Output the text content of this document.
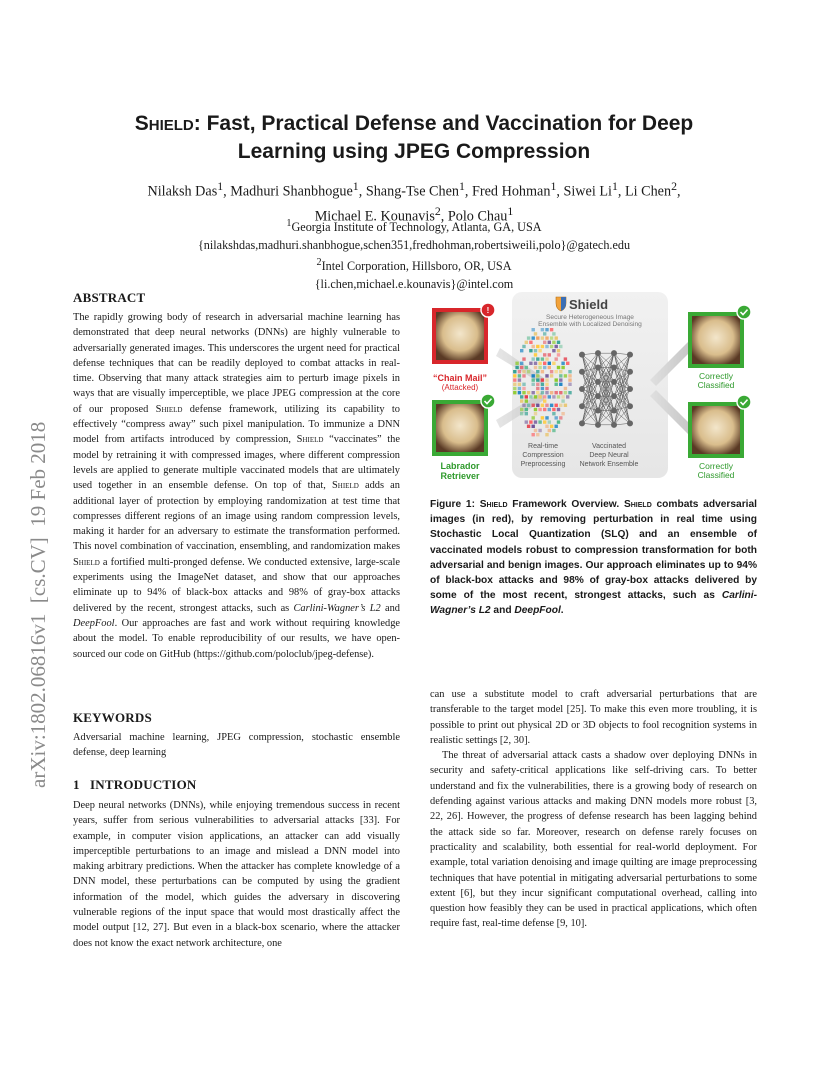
Shield: Fast, Practical Defense and Vaccination for Deep
Learning using JPEG Compression
Nilaksh Das$^1$, Madhuri Shanbhogue$^1$, Shang-Tse Chen$^1$, Fred Hohman$^1$, Siwei Li$^1$, Li Chen$^2$,
Michael E. Kounavis$^2$, Polo Chau$^1$
$^1$Georgia Institute of Technology, Atlanta, GA, USA
{nilakshdas,madhuri.shanbhogue,schen351,fredhohman,robertsiweili,polo}@gatech.edu
$^2$Intel Corporation, Hillsboro, OR, USA
{li.chen,michael.e.kounavis}@intel.com
arXiv:1802.06816v1  [cs.CV]  19 Feb 2018
ABSTRACT

The rapidly growing body of research in adversarial machine learning has demonstrated that deep neural networks (DNNs) are highly vulnerable to adversarially generated images. This underscores the urgent need for practical defense techniques that can be readily deployed to combat attacks in real-time. Observing that many attack strategies aim to perturb image pixels in ways that are visually imperceptible, we place JPEG compression at the core of our proposed Shield defense framework, utilizing its capability to effectively “compress away” such pixel manipulation. To immunize a DNN model from artifacts introduced by compression, Shield “vaccinates” the model by retraining it with compressed images, where different compression levels are applied to generate multiple vaccinated models that are ultimately used together in an ensemble defense. On top of that, Shield adds an additional layer of protection by employing randomization at test time that compresses different regions of an image using random compression levels, making it harder for an adversary to estimate the transformation performed. This novel combination of vaccination, ensembling, and randomization makes Shield a fortified multi-pronged defense. We conducted extensive, large-scale experiments using the ImageNet dataset, and show that our approaches eliminate up to 94% of black-box attacks and 98% of gray-box attacks delivered by the recent, strongest attacks, such as Carlini-Wagner’s L2 and DeepFool. Our approaches are fast and work without requiring knowledge about the model. To enable reproducibility of our results, we have open-sourced our code on GitHub (https://github.com/poloclub/jpeg-defense).

KEYWORDS

Adversarial machine learning, JPEG compression, stochastic ensemble defense, deep learning

1   INTRODUCTION

Deep neural networks (DNNs), while enjoying tremendous success in recent years, suffer from serious vulnerabilities to adversarial attacks [33]. For example, in computer vision applications, an attacker can add visually imperceptible perturbations to an image and mislead a DNN model into making arbitrary predictions. When the attacker has complete knowledge of a DNN model, these perturbations can be computed by using the gradient information of the model, which guides the adversary in discovering vulnerable regions of the input space that would most drastically affect the model output [12, 27]. But even in a black-box scenario, where the attacker does not know the exact network architecture, one

can use a substitute model to craft adversarial perturbations that are transferable to the target model [25]. To make this even more troubling, it is possible to print out physical 2D or 3D objects to fool recognition systems in realistic settings [2, 30].

The threat of adversarial attack casts a shadow over deploying DNNs in security and safety-critical applications like self-driving cars. To better understand and fix the vulnerabilities, there is a growing body of research on defending against various attacks and making DNN models more robust [3, 22, 26]. However, the progress of defense research has been lagging behind the attack side so far. Moreover, research on defense rarely focuses on practicality and scalability, both essential for real-world deployment. For example, total variation denoising and image quilting are image preprocessing techniques that have potential in mitigating adversarial perturbations to some extent [6], but they incur significant computational overhead, calling into question how feasibly they can be used in practical applications, which often require fast, real-time defense [9, 10].

Shield
Secure Heterogeneous Image
Ensemble with Localized Denoising
!
“Chain Mail”
(Attacked)
Labrador
Retriever
Correctly
Classified
Correctly
Classified
Real-time
Compression
Preprocessing
Vaccinated
Deep Neural
Network Ensemble
Figure 1: Shield Framework Overview. Shield combats adversarial images (in red), by removing perturbation in real time using Stochastic Local Quantization (SLQ) and an ensemble of vaccinated models robust to compression transformation for both adversarial and benign images. Our approach eliminates up to 94% of black-box attacks and 98% of gray-box attacks delivered by some of the most recent, strongest attacks, such as Carlini-Wagner’s L2 and DeepFool.
